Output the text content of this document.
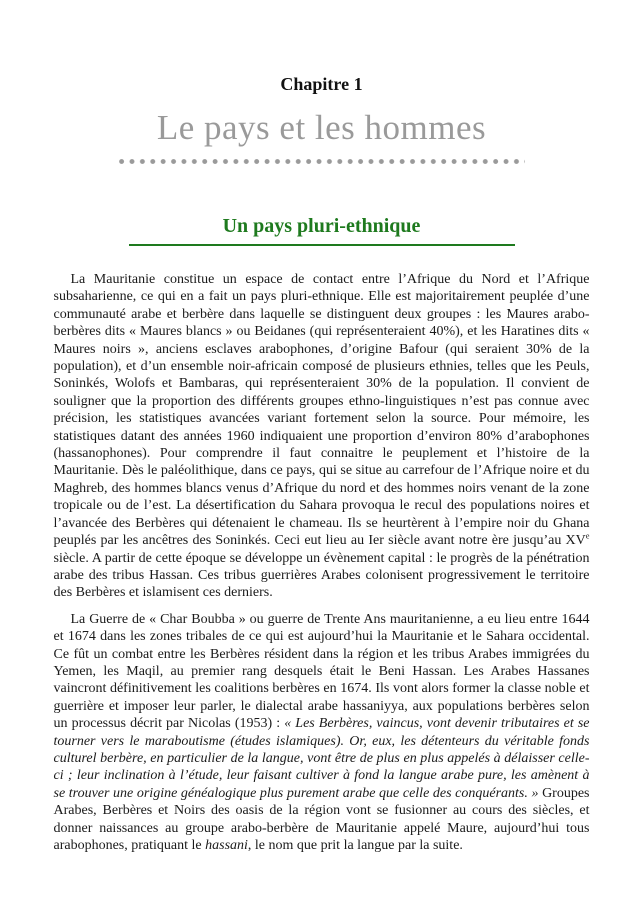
Chapitre 1

Le pays et les hommes
Un pays pluri-ethnique

La Mauritanie constitue un espace de contact entre l’Afrique du Nord et l’Afrique subsaharienne, ce qui en a fait un pays pluri-ethnique. Elle est majoritairement peuplée d’une communauté arabe et berbère dans laquelle se distinguent deux groupes : les Maures arabo-berbères dits « Maures blancs » ou Beidanes (qui représenteraient 40%), et les Haratines dits « Maures noirs », anciens esclaves arabophones, d’origine Bafour (qui seraient 30% de la population), et d’un ensemble noir-africain composé de plusieurs ethnies, telles que les Peuls, Soninkés, Wolofs et Bambaras, qui représenteraient 30% de la population. Il convient de souligner que la proportion des différents groupes ethno-linguistiques n’est pas connue avec précision, les statistiques avancées variant fortement selon la source. Pour mémoire, les statistiques datant des années 1960 indiquaient une proportion d’environ 80% d’arabophones (hassanophones). Pour comprendre il faut connaitre le peuplement et l’histoire de la Mauritanie. Dès le paléolithique, dans ce pays, qui se situe au carrefour de l’Afrique noire et du Maghreb, des hommes blancs venus d’Afrique du nord et des hommes noirs venant de la zone tropicale ou de l’est. La désertification du Sahara provoqua le recul des populations noires et l’avancée des Berbères qui détenaient le chameau. Ils se heurtèrent à l’empire noir du Ghana peuplés par les ancêtres des Soninkés. Ceci eut lieu au Ier siècle avant notre ère jusqu’au XVe siècle. A partir de cette époque se développe un évènement capital : le progrès de la pénétration arabe des tribus Hassan. Ces tribus guerrières Arabes colonisent progressivement le territoire des Berbères et islamisent ces derniers.

La Guerre de « Char Boubba » ou guerre de Trente Ans mauritanienne, a eu lieu entre 1644 et 1674 dans les zones tribales de ce qui est aujourd’hui la Mauritanie et le Sahara occidental. Ce fût un combat entre les Berbères résident dans la région et les tribus Arabes immigrées du Yemen, les Maqil, au premier rang desquels était le Beni Hassan. Les Arabes Hassanes vaincront définitivement les coalitions berbères en 1674. Ils vont alors former la classe noble et guerrière et imposer leur parler, le dialectal arabe hassaniyya, aux populations berbères selon un processus décrit par Nicolas (1953) : « Les Berbères, vaincus, vont devenir tributaires et se tourner vers le maraboutisme (études islamiques). Or, eux, les détenteurs du véritable fonds culturel berbère, en particulier de la langue, vont être de plus en plus appelés à délaisser celle-ci ; leur inclination à l’étude, leur faisant cultiver à fond la langue arabe pure, les amènent à se trouver une origine généalogique plus purement arabe que celle des conquérants. » Groupes Arabes, Berbères et Noirs des oasis de la région vont se fusionner au cours des siècles, et donner naissances au groupe arabo-berbère de Mauritanie appelé Maure, aujourd’hui tous arabophones, pratiquant le hassani, le nom que prit la langue par la suite.
